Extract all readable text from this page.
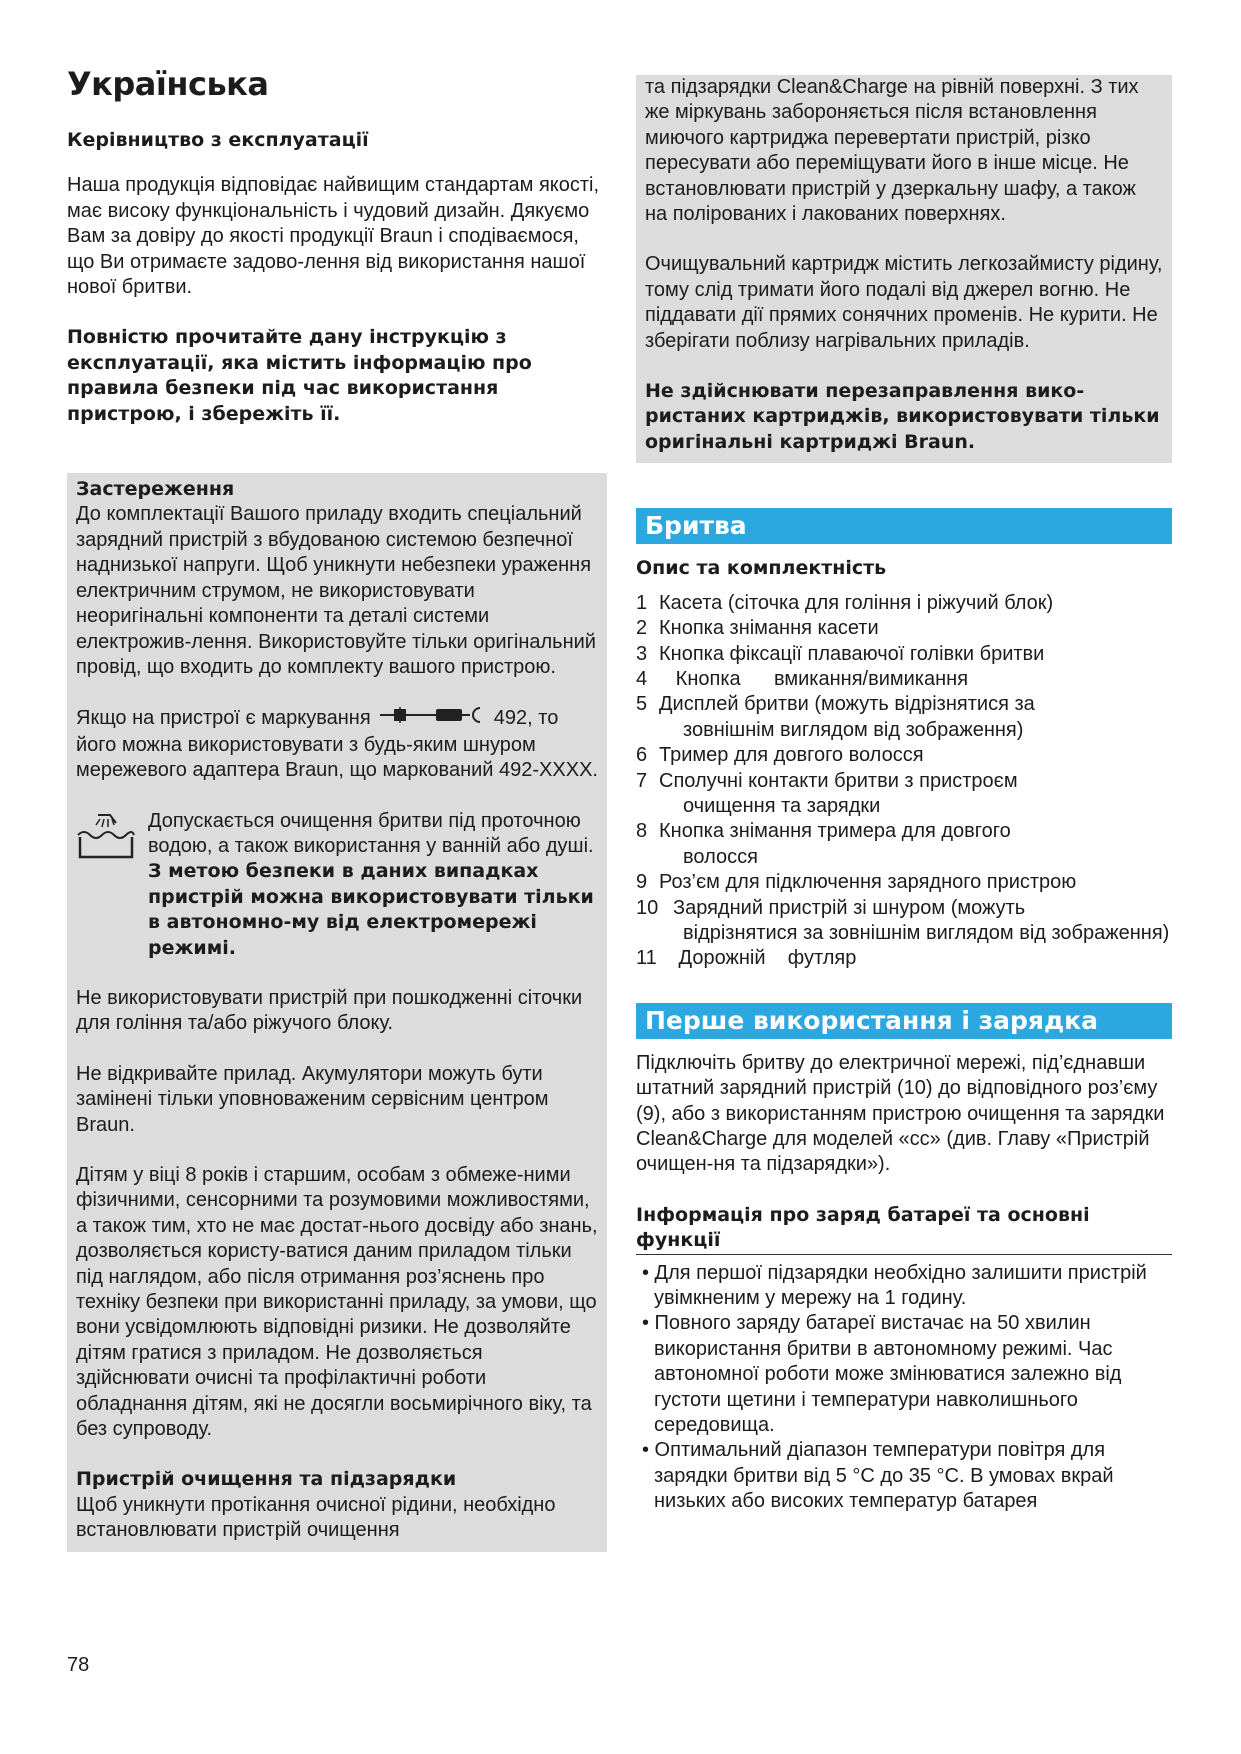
Українська

Керівництво з експлуатації

Наша продукція відповідає найвищим стандартам якості, має високу функціональність і чудовий дизайн. Дякуємо Вам за довіру до якості продукції Braun і сподіваємося, що Ви отримаєте задово-лення від використання нашої нової бритви.

Повністю прочитайте дану інструкцію з експлуатації, яка містить інформацію про правила безпеки під час використання пристрою, і збережіть її.

Застереження

До комплектації Вашого приладу входить спеціальний зарядний пристрій з вбудованою системою безпечної наднизької напруги. Щоб уникнути небезпеки ураження електричним струмом, не використовувати неоригінальні компоненти та деталі системи електрожив-лення. Використовуйте тільки оригінальний провід, що входить до комплекту вашого пристрою.

Якщо на пристрої є маркування	492, то його можна використовувати з будь-яким шнуром мережевого адаптера Braun, що маркований 492-XXXX.

Допускається очищення бритви під проточною водою, а також використання у ванній або душі. З метою безпеки в даних випадках пристрій можна використовувати тільки в автономно-му від електромережі режимі.

Не використовувати пристрій при пошкодженні сіточки для гоління та/або ріжучого блоку.

Не відкривайте прилад. Акумулятори можуть бути замінені тільки уповноваженим сервісним центром Braun.

Дітям у віці 8 років і старшим, особам з обмеже-ними фізичними, сенсорними та розумовими можливостями, а також тим, хто не має достат-нього досвіду або знань, дозволяється користу-ватися даним приладом тільки під наглядом, або після отримання роз’яснень про техніку безпеки при використанні приладу, за умови, що вони усвідомлюють відповідні ризики. Не дозволяйте дітям гратися з приладом. Не дозволяється здійснювати очисні та профілактичні роботи обладнання дітям, які не досягли восьмирічного віку, та без супроводу.

Пристрій очищення та підзарядки

Щоб уникнути протікання очисної рідини, необхідно встановлювати пристрій очищення

та підзарядки Clean&Charge на рівній поверхні. З тих же міркувань забороняється після встановлення миючого картриджа перевертати пристрій, різко пересувати або переміщувати його в інше місце. Не встановлювати пристрій у дзеркальну шафу, а також на полірованих і лакованих поверхнях.

Очищувальний картридж містить легкозаймисту рідину, тому слід тримати його подалі від джерел вогню. Не піддавати дії прямих сонячних променів. Не курити. Не зберігати поблизу нагрівальних приладів.

Не здійснювати перезаправлення вико-ристаних картриджів, використовувати тільки оригінальні картриджі Braun.

Бритва

Опис та комплектність

1 Касета (сіточка для гоління і ріжучий блок)
2 Кнопка знімання касети
3 Кнопка фіксації плаваючої голівки бритви
4 Кнопка      вмикання/вимикання
5 Дисплей бритви (можуть відрізнятися за
зовнішнім виглядом від зображення)
6 Тример для довгого волосся
7 Сполучні контакти бритви з пристроєм
очищення та зарядки
8 Кнопка знімання тримера для довгого
волосся
9 Роз’єм для підключення зарядного пристрою
10 Зарядний пристрій зі шнуром (можуть
відрізнятися за зовнішнім виглядом від зображення)
11 Дорожній    футляр

Перше використання і зарядка

Підключіть бритву до електричної мережі, під’єднавши штатний зарядний пристрій (10) до відповідного роз’єму (9), або з використанням пристрою очищення та зарядки Clean&Charge для моделей «cc» (див. Главу «Пристрій очищен-ня та підзарядки»).

Інформація про заряд батареї та основні функції

• Для першої підзарядки необхідно залишити пристрій увімкненим у мережу на 1 годину.
• Повного заряду батареї вистачає на 50 хвилин використання бритви в автономному режимі. Час автономної роботи може змінюватися залежно від густоти щетини і температури навколишнього середовища.
• Оптимальний діапазон температури повітря для зарядки бритви від 5 °C до 35 °C. В умовах вкрай низьких або високих температур батарея
78
